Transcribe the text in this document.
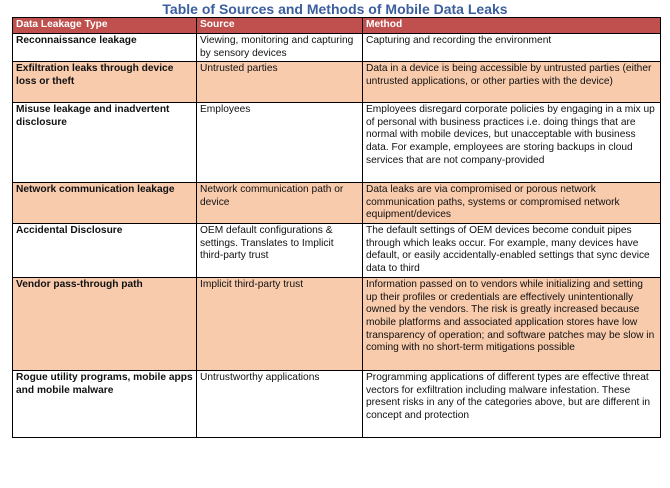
Table of Sources and Methods of Mobile Data Leaks
Data Leakage Type	Source	Method
Reconnaissance leakage	Viewing, monitoring and capturing by sensory devices	Capturing and recording the environment
Exfiltration leaks through device loss or theft	Untrusted parties	Data in a device is being accessible by untrusted parties (either untrusted applications, or other parties with the device)
Misuse leakage and inadvertent disclosure	Employees	Employees disregard corporate policies by engaging in a mix up of personal with business practices i.e. doing things that are normal with mobile devices, but unacceptable with business data. For example, employees are storing backups in cloud services that are not company-provided
Network communication leakage	Network communication path or device	Data leaks are via compromised or porous network communication paths, systems or compromised network equipment/devices
Accidental Disclosure	OEM default configurations & settings. Translates to Implicit third-party trust	The default settings of OEM devices become conduit pipes through which leaks occur. For example, many devices have default, or easily accidentally-enabled settings that sync device data to third
Vendor pass-through path	Implicit third-party trust	Information passed on to vendors while initializing and setting up their profiles or credentials are effectively unintentionally owned by the vendors. The risk is greatly increased because mobile platforms and associated application stores have low transparency of operation; and software patches may be slow in coming with no short-term mitigations possible
Rogue utility programs, mobile apps and mobile malware	Untrustworthy applications	Programming applications of different types are effective threat vectors for exfiltration including malware infestation. These present risks in any of the categories above, but are different in concept and protection
